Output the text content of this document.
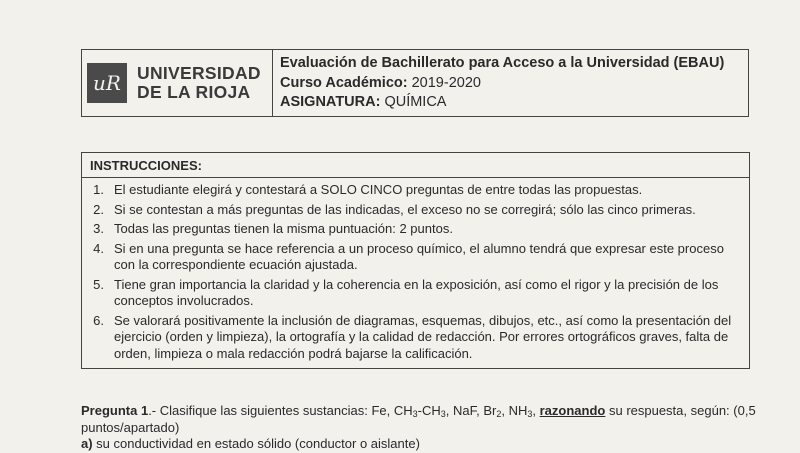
uR UNIVERSIDAD
DE LA RIOJA
Evaluación de Bachillerato para Acceso a la Universidad (EBAU)
Curso Académico: 2019-2020
ASIGNATURA: QUÍMICA
INSTRUCCIONES:
1. El estudiante elegirá y contestará a SOLO CINCO preguntas de entre todas las propuestas.
2. Si se contestan a más preguntas de las indicadas, el exceso no se corregirá; sólo las cinco primeras.
3. Todas las preguntas tienen la misma puntuación: 2 puntos.
4. Si en una pregunta se hace referencia a un proceso químico, el alumno tendrá que expresar este proceso con la correspondiente ecuación ajustada.
5. Tiene gran importancia la claridad y la coherencia en la exposición, así como el rigor y la precisión de los conceptos involucrados.
6. Se valorará positivamente la inclusión de diagramas, esquemas, dibujos, etc., así como la presentación del ejercicio (orden y limpieza), la ortografía y la calidad de redacción. Por errores ortográficos graves, falta de orden, limpieza o mala redacción podrá bajarse la calificación.
Pregunta 1.- Clasifique las siguientes sustancias: Fe, $CH_3-CH_3$, NaF, $Br_2$, $NH_3$, razonando su respuesta, según: (0,5 puntos/apartado)
a) su conductividad en estado sólido (conductor o aislante)
